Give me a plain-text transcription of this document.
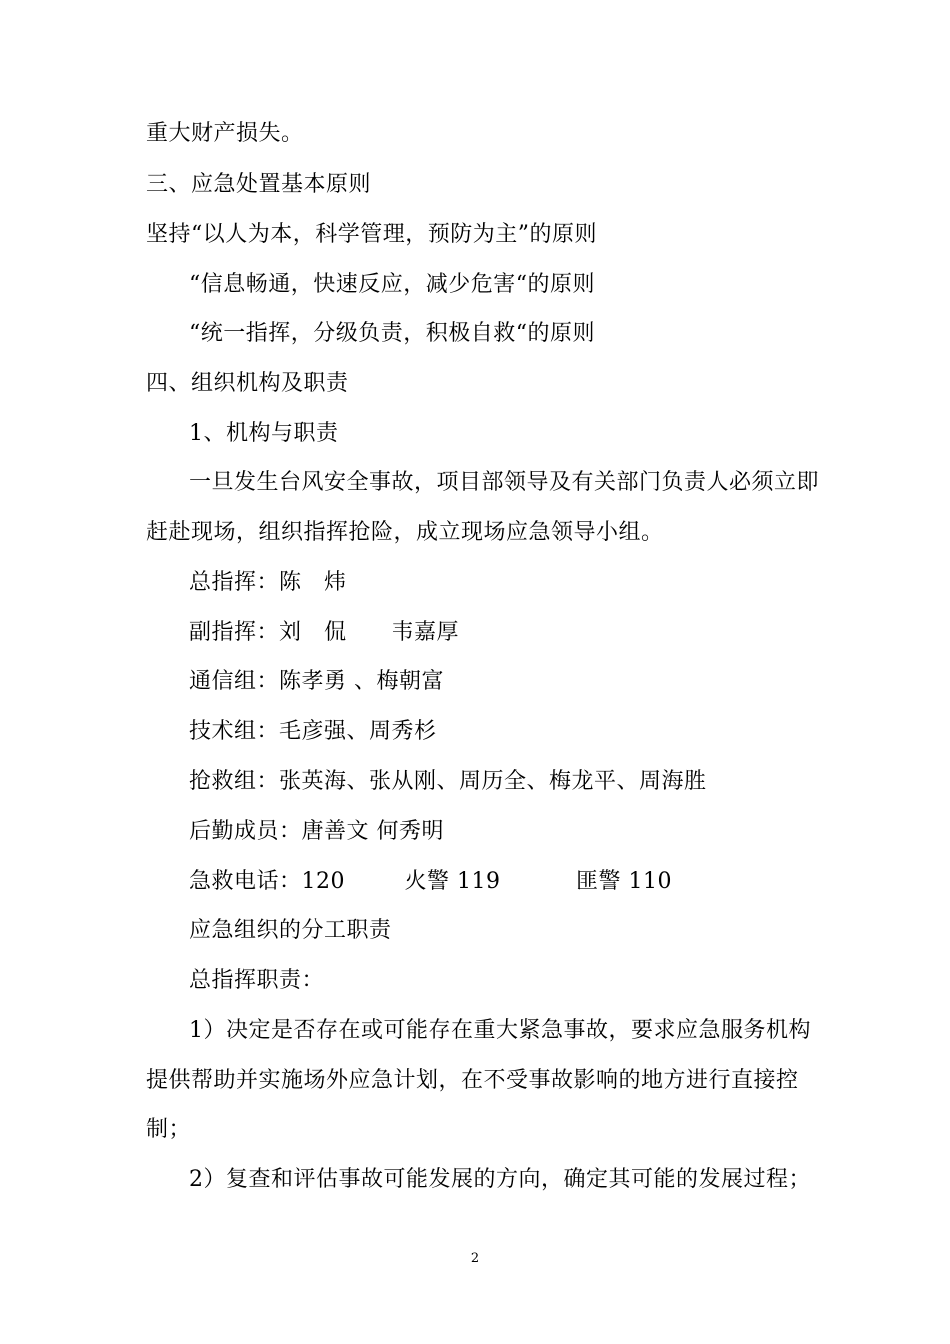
重大财产损失。
三、应急处置基本原则
坚持“以人为本，科学管理，预防为主”的原则
“信息畅通，快速反应，减少危害“的原则
“统一指挥，分级负责，积极自救“的原则
四、组织机构及职责
1、机构与职责
一旦发生台风安全事故，项目部领导及有关部门负责人必须立即
赶赴现场，组织指挥抢险，成立现场应急领导小组。
总指挥：陈　炜
副指挥：刘　侃　　韦嘉厚
通信组：陈孝勇 、梅朝富
技术组：毛彦强、周秀杉
抢救组：张英海、张从刚、周历全、梅龙平、周海胜
后勤成员：唐善文 何秀明
急救电话：120	火警 119	匪警 110
应急组织的分工职责
总指挥职责：
1）决定是否存在或可能存在重大紧急事故，要求应急服务机构
提供帮助并实施场外应急计划，在不受事故影响的地方进行直接控
制；
2）复查和评估事故可能发展的方向，确定其可能的发展过程；
2
